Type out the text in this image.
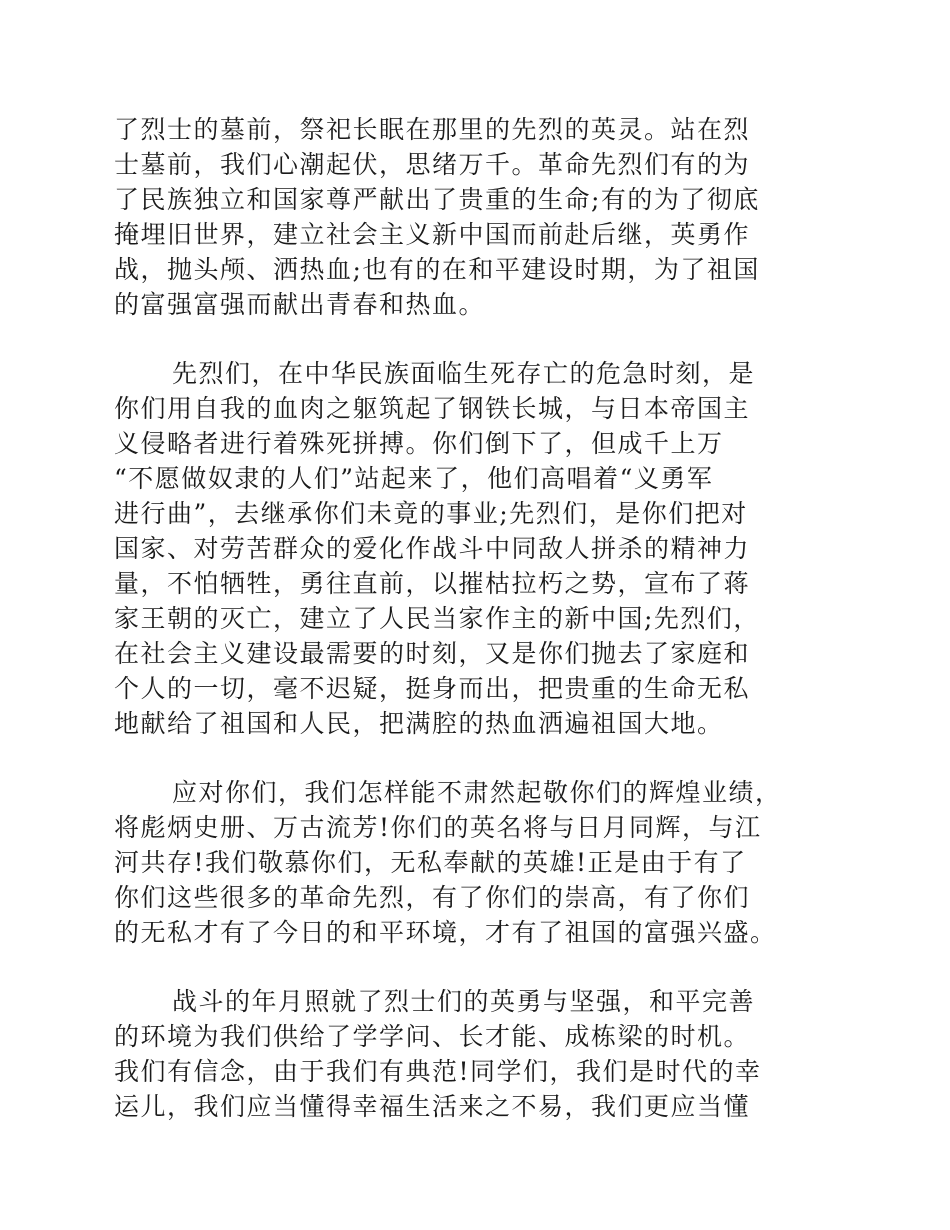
了烈士的墓前，祭祀长眠在那里的先烈的英灵。站在烈
士墓前，我们心潮起伏，思绪万千。革命先烈们有的为
了民族独立和国家尊严献出了贵重的生命;有的为了彻底
掩埋旧世界，建立社会主义新中国而前赴后继，英勇作
战，抛头颅、洒热血;也有的在和平建设时期，为了祖国
的富强富强而献出青春和热血。
先烈们，在中华民族面临生死存亡的危急时刻，是
你们用自我的血肉之躯筑起了钢铁长城，与日本帝国主
义侵略者进行着殊死拼搏。你们倒下了，但成千上万
“不愿做奴隶的人们”站起来了，他们高唱着“义勇军
进行曲”，去继承你们未竟的事业;先烈们，是你们把对
国家、对劳苦群众的爱化作战斗中同敌人拼杀的精神力
量，不怕牺牲，勇往直前，以摧枯拉朽之势，宣布了蒋
家王朝的灭亡，建立了人民当家作主的新中国;先烈们，
在社会主义建设最需要的时刻，又是你们抛去了家庭和
个人的一切，毫不迟疑，挺身而出，把贵重的生命无私
地献给了祖国和人民，把满腔的热血洒遍祖国大地。
应对你们，我们怎样能不肃然起敬你们的辉煌业绩，
将彪炳史册、万古流芳!你们的英名将与日月同辉，与江
河共存!我们敬慕你们，无私奉献的英雄!正是由于有了
你们这些很多的革命先烈，有了你们的崇高，有了你们
的无私才有了今日的和平环境，才有了祖国的富强兴盛。
战斗的年月照就了烈士们的英勇与坚强，和平完善
的环境为我们供给了学学问、长才能、成栋梁的时机。
我们有信念，由于我们有典范!同学们，我们是时代的幸
运儿，我们应当懂得幸福生活来之不易，我们更应当懂
